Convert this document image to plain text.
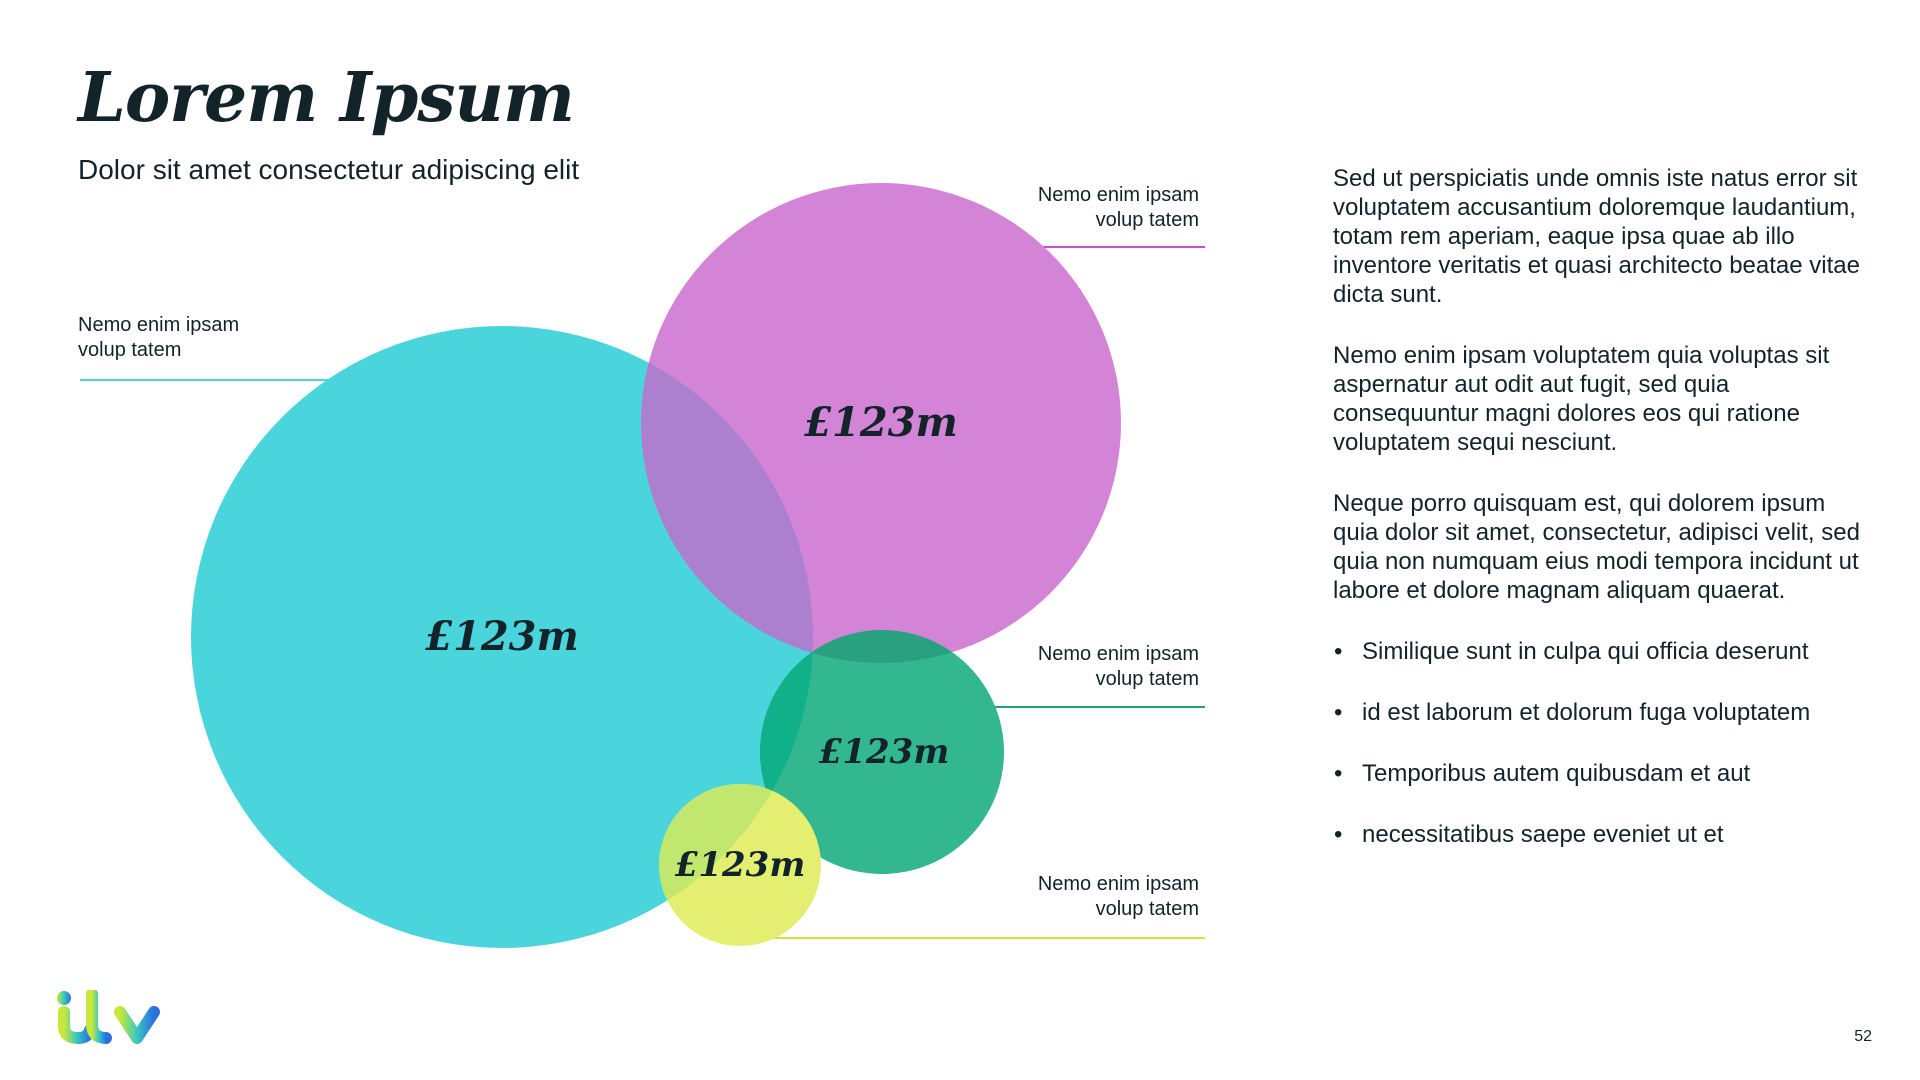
Lorem Ipsum
Dolor sit amet consectetur adipiscing elit
£123m
£123m
£123m
£123m
Nemo enim ipsam
volup tatem
Nemo enim ipsam
volup tatem
Nemo enim ipsam
volup tatem
Nemo enim ipsam
volup tatem

Sed ut perspiciatis unde omnis iste natus error sit voluptatem accusantium doloremque laudantium, totam rem aperiam, eaque ipsa quae ab illo inventore veritatis et quasi architecto beatae vitae dicta sunt.

Nemo enim ipsam voluptatem quia voluptas sit aspernatur aut odit aut fugit, sed quia consequuntur magni dolores eos qui ratione voluptatem sequi nesciunt.

Neque porro quisquam est, qui dolorem ipsum quia dolor sit amet, consectetur, adipisci velit, sed quia non numquam eius modi tempora incidunt ut labore et dolore magnam aliquam quaerat.

• Similique sunt in culpa qui officia deserunt
• id est laborum et dolorum fuga voluptatem
• Temporibus autem quibusdam et aut
• necessitatibus saepe eveniet ut et
52
